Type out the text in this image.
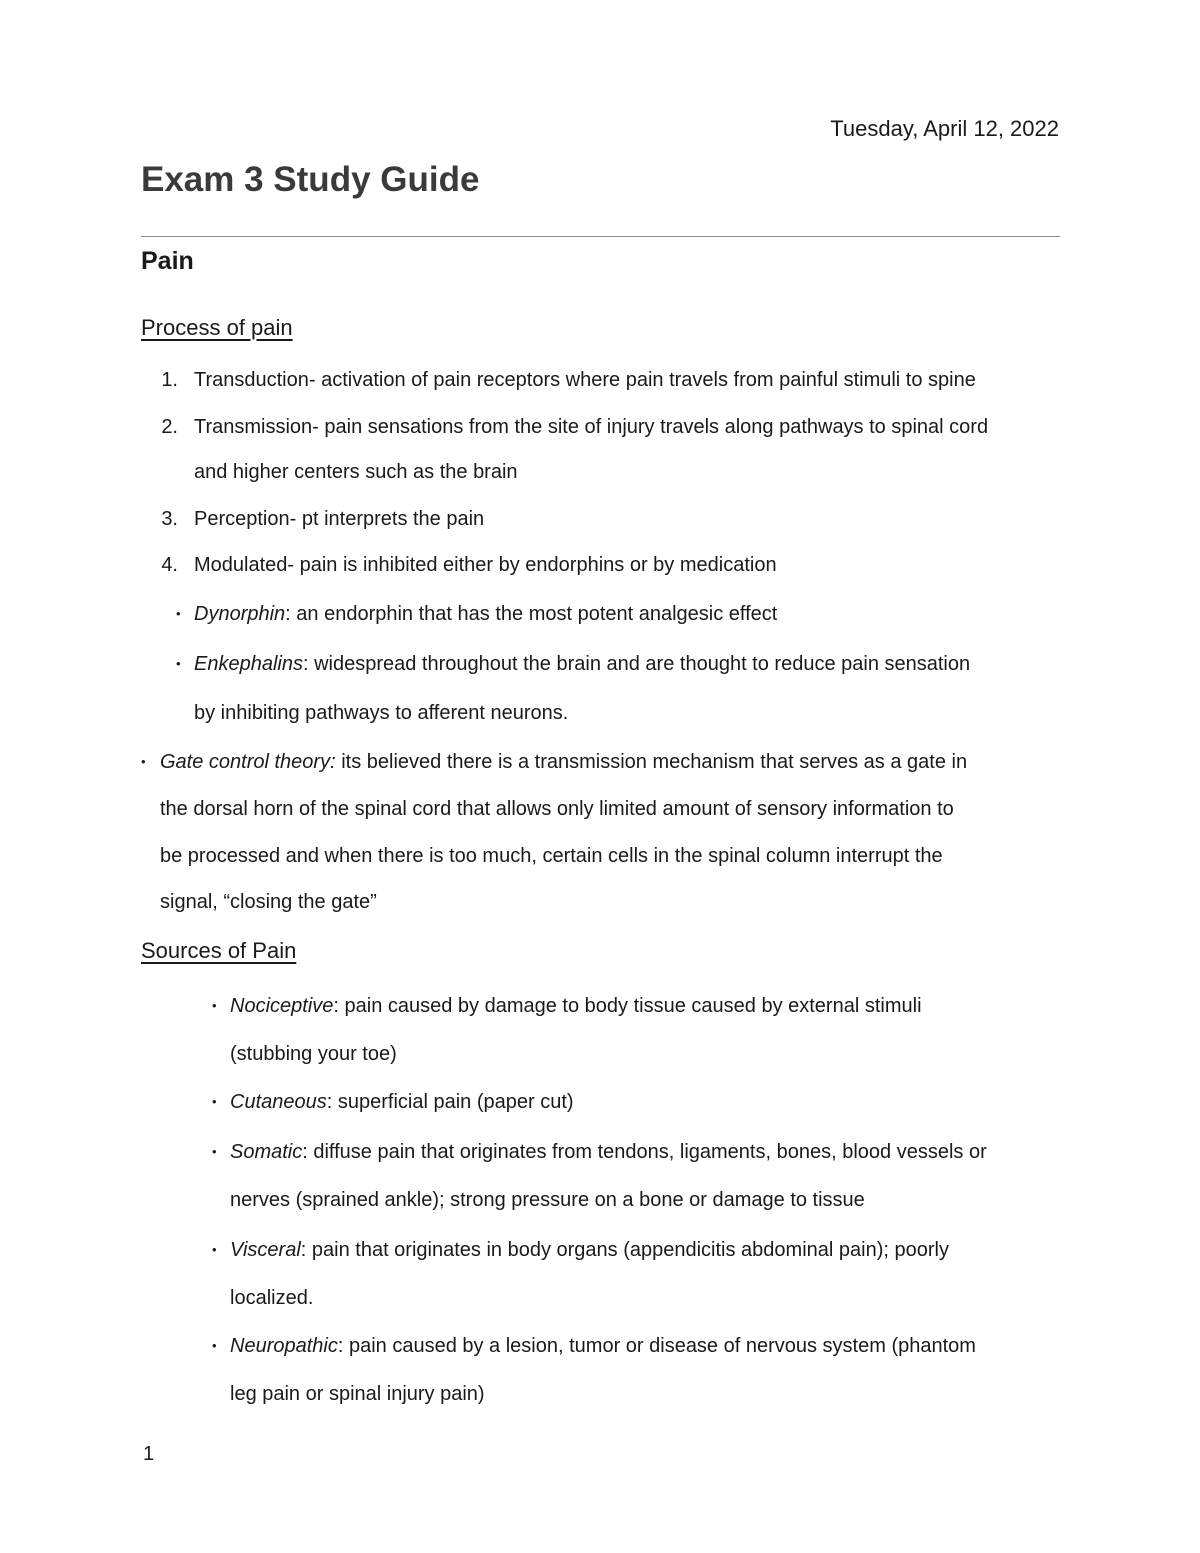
Tuesday, April 12, 2022
Exam 3 Study Guide
Pain
Process of pain
1. Transduction- activation of pain receptors where pain travels from painful stimuli to spine
2. Transmission- pain sensations from the site of injury travels along pathways to spinal cord
and higher centers such as the brain
3. Perception- pt interprets the pain
4. Modulated- pain is inhibited either by endorphins or by medication
• Dynorphin: an endorphin that has the most potent analgesic effect
• Enkephalins: widespread throughout the brain and are thought to reduce pain sensation
by inhibiting pathways to afferent neurons.
• Gate control theory: its believed there is a transmission mechanism that serves as a gate in
the dorsal horn of the spinal cord that allows only limited amount of sensory information to
be processed and when there is too much, certain cells in the spinal column interrupt the
signal, “closing the gate”
Sources of Pain
• Nociceptive: pain caused by damage to body tissue caused by external stimuli
(stubbing your toe)
• Cutaneous: superficial pain (paper cut)
• Somatic: diffuse pain that originates from tendons, ligaments, bones, blood vessels or
nerves (sprained ankle); strong pressure on a bone or damage to tissue
• Visceral: pain that originates in body organs (appendicitis abdominal pain); poorly
localized.
• Neuropathic: pain caused by a lesion, tumor or disease of nervous system (phantom
leg pain or spinal injury pain)
1
